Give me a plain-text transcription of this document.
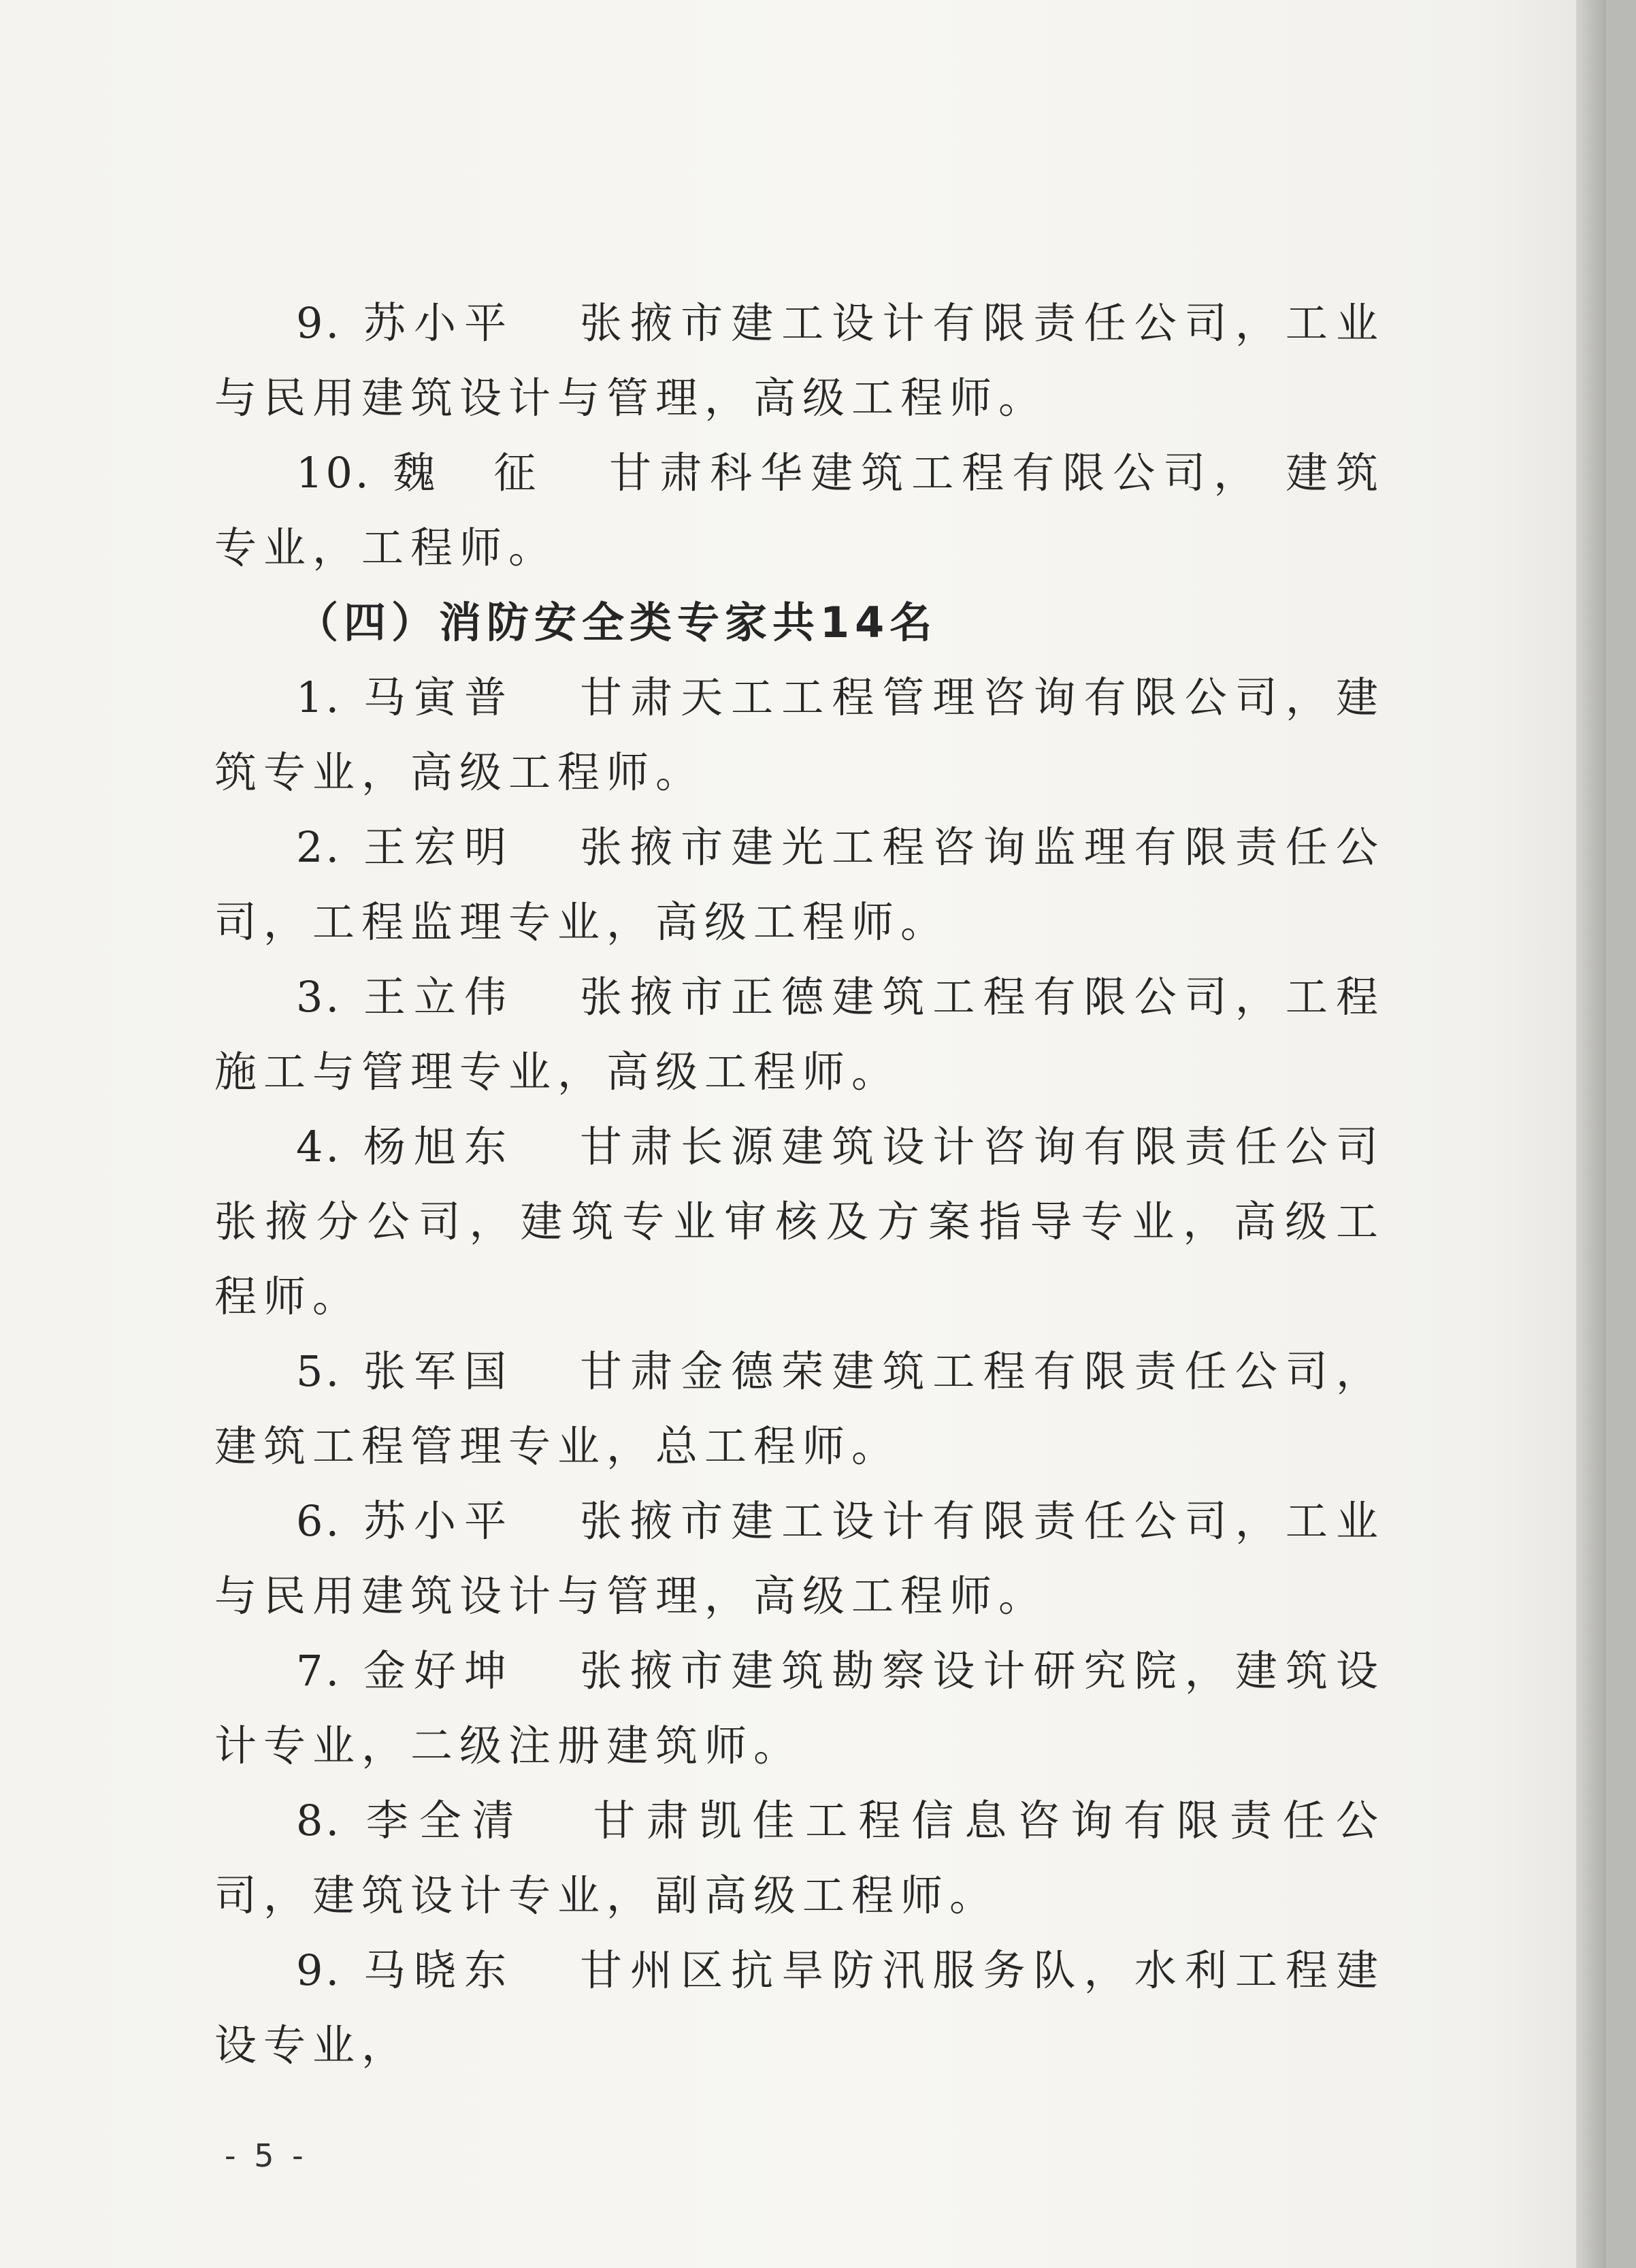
9. 苏小平 张掖市建工设计有限责任公司，工业与民用建筑设计与管理，高级工程师。

10. 魏　征 甘肃科华建筑工程有限公司， 建筑专业，工程师。

（四）消防安全类专家共14名

1. 马寅普 甘肃天工工程管理咨询有限公司，建筑专业，高级工程师。

2. 王宏明 张掖市建光工程咨询监理有限责任公司，工程监理专业，高级工程师。

3. 王立伟 张掖市正德建筑工程有限公司，工程施工与管理专业，高级工程师。

4. 杨旭东 甘肃长源建筑设计咨询有限责任公司张掖分公司，建筑专业审核及方案指导专业，高级工程师。

5. 张军国 甘肃金德荣建筑工程有限责任公司，建筑工程管理专业，总工程师。

6. 苏小平 张掖市建工设计有限责任公司，工业与民用建筑设计与管理，高级工程师。

7. 金好坤 张掖市建筑勘察设计研究院，建筑设计专业，二级注册建筑师。

8. 李全清 甘肃凯佳工程信息咨询有限责任公司，建筑设计专业，副高级工程师。

9. 马晓东 甘州区抗旱防汛服务队，水利工程建设专业，

- 5 -
